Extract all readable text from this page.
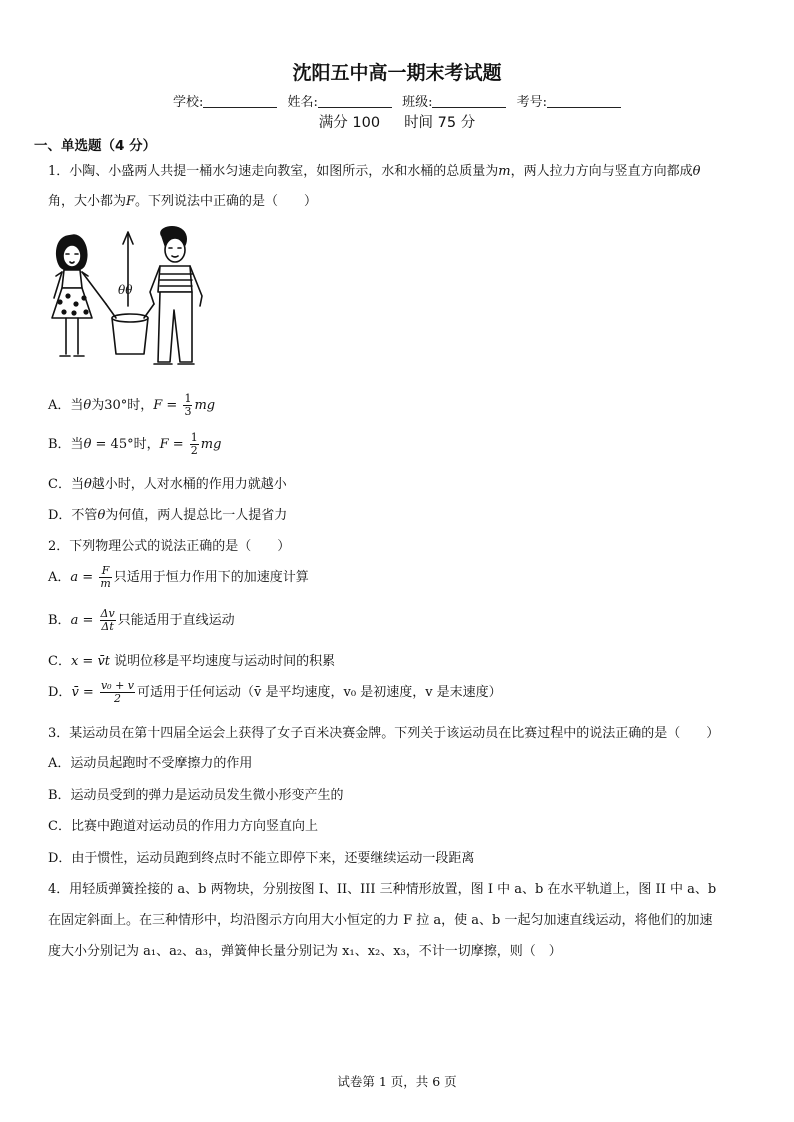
沈阳五中高一期末考试题
学校:	姓名:	班级:	考号:
满分 100 时间 75 分
一、单选题（4 分）
1．小陶、小盛两人共提一桶水匀速走向教室，如图所示，水和水桶的总质量为m，两人拉力方向与竖直方向都成θ
角，大小都为F。下列说法中正确的是（　　）
θθ
A．当θ为30°时，$F = \frac{1}{3}$ mg
B．当θ = 45°时，$F = \frac{1}{2}$ mg
C．当θ越小时，人对水桶的作用力就越小
D．不管θ为何值，两人提总比一人提省力
2．下列物理公式的说法正确的是（　　）
A．$a = \frac{F}{m}$ 只适用于恒力作用下的加速度计算
B．$a = \frac{\Delta v}{\Delta t}$ 只能适用于直线运动
C．x = v̄t 说明位移是平均速度与运动时间的积累
D．v̄ = $\frac{\text{v₀ + v}}{2}$ 可适用于任何运动（v̄ 是平均速度，v₀ 是初速度，v 是末速度）
3．某运动员在第十四届全运会上获得了女子百米决赛金牌。下列关于该运动员在比赛过程中的说法正确的是（　　）
A．运动员起跑时不受摩擦力的作用
B．运动员受到的弹力是运动员发生微小形变产生的
C．比赛中跑道对运动员的作用力方向竖直向上
D．由于惯性，运动员跑到终点时不能立即停下来，还要继续运动一段距离
4．用轻质弹簧拴接的 a、b 两物块，分别按图 I、II、III 三种情形放置，图 I 中 a、b 在水平轨道上，图 II 中 a、b
在固定斜面上。在三种情形中，均沿图示方向用大小恒定的力 F 拉 a，使 a、b 一起匀加速直线运动，将他们的加速
度大小分别记为 a₁、a₂、a₃，弹簧伸长量分别记为 x₁、x₂、x₃，不计一切摩擦，则（　）
试卷第 1 页，共 6 页
